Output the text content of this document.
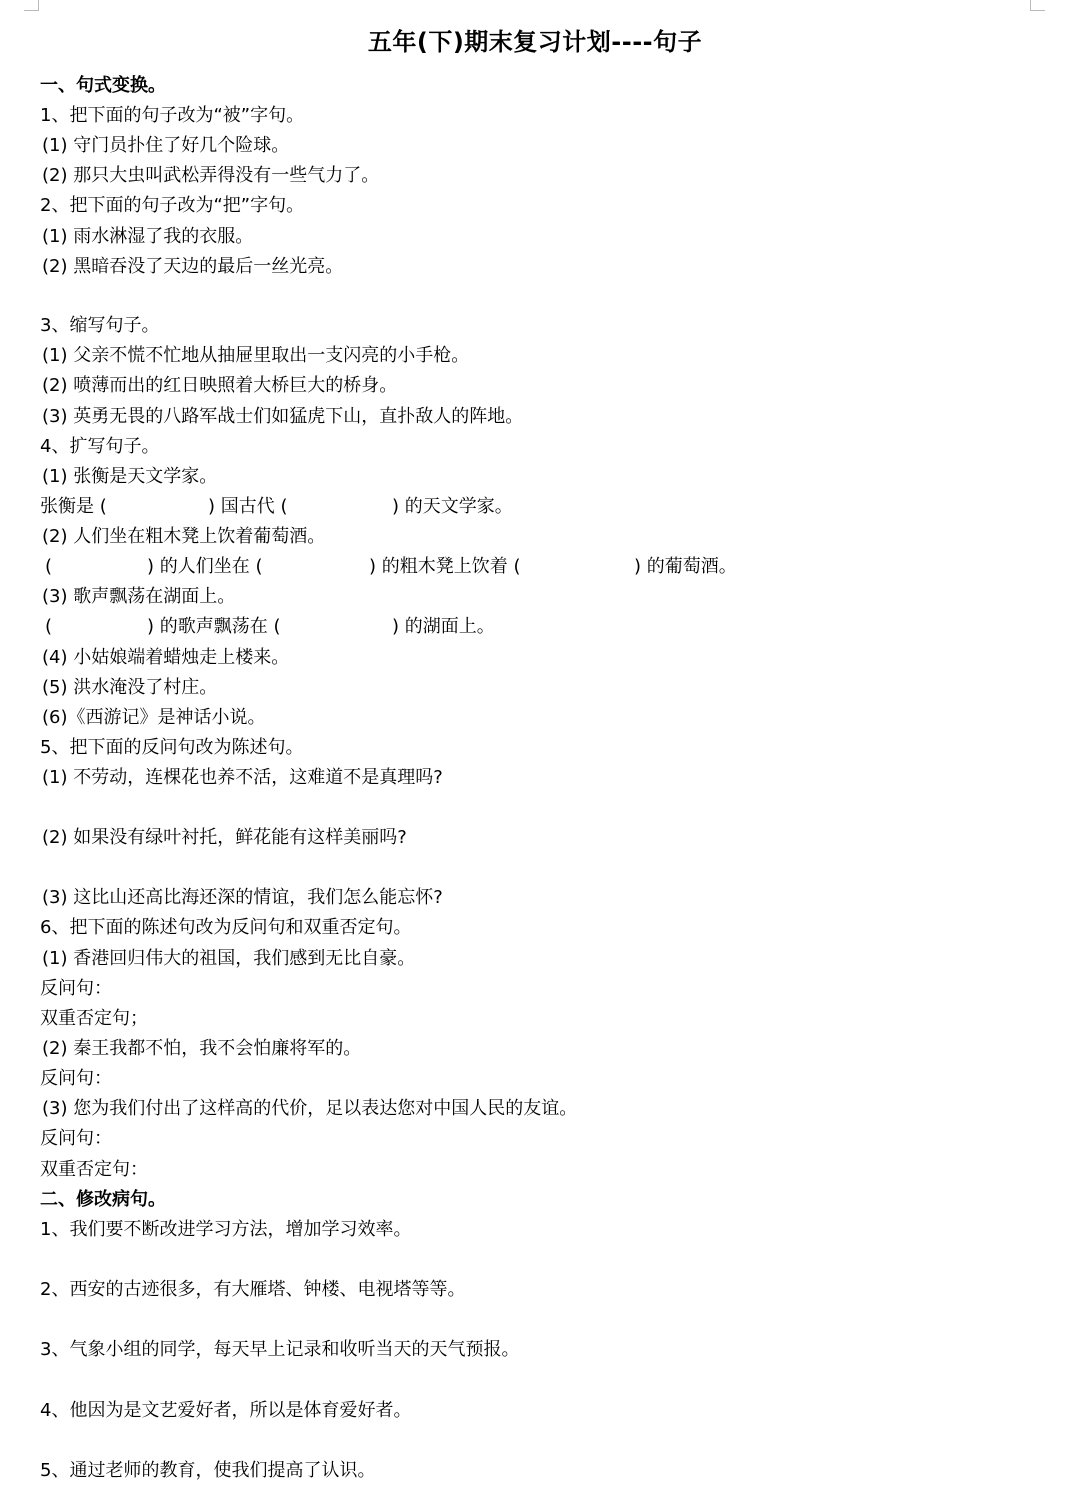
五年(下)期末复习计划----句子
一、句式变换。
1、把下面的句子改为“被”字句。
(1) 守门员扑住了好几个险球。
(2) 那只大虫叫武松弄得没有一些气力了。
2、把下面的句子改为“把”字句。
(1) 雨水淋湿了我的衣服。
(2) 黑暗吞没了天边的最后一丝光亮。
3、缩写句子。
(1) 父亲不慌不忙地从抽屉里取出一支闪亮的小手枪。
(2) 喷薄而出的红日映照着大桥巨大的桥身。
(3) 英勇无畏的八路军战士们如猛虎下山，直扑敌人的阵地。
4、扩写句子。
(1) 张衡是天文学家。
张衡是 (	) 国古代 (	) 的天文学家。
(2) 人们坐在粗木凳上饮着葡萄酒。
(	) 的人们坐在 (	) 的粗木凳上饮着 (	) 的葡萄酒。
(3) 歌声飘荡在湖面上。
(	) 的歌声飘荡在 (	) 的湖面上。
(4) 小姑娘端着蜡烛走上楼来。
(5) 洪水淹没了村庄。
(6)《西游记》是神话小说。
5、把下面的反问句改为陈述句。
(1) 不劳动，连棵花也养不活，这难道不是真理吗?
(2) 如果没有绿叶衬托，鲜花能有这样美丽吗?
(3) 这比山还高比海还深的情谊，我们怎么能忘怀?
6、把下面的陈述句改为反问句和双重否定句。
(1) 香港回归伟大的祖国，我们感到无比自豪。
反问句：
双重否定句；
(2) 秦王我都不怕，我不会怕廉将军的。
反问句：
(3) 您为我们付出了这样高的代价，足以表达您对中国人民的友谊。
反问句：
双重否定句：
二、修改病句。
1、我们要不断改进学习方法，增加学习效率。
2、西安的古迹很多，有大雁塔、钟楼、电视塔等等。
3、气象小组的同学，每天早上记录和收听当天的天气预报。
4、他因为是文艺爱好者，所以是体育爱好者。
5、通过老师的教育，使我们提高了认识。
